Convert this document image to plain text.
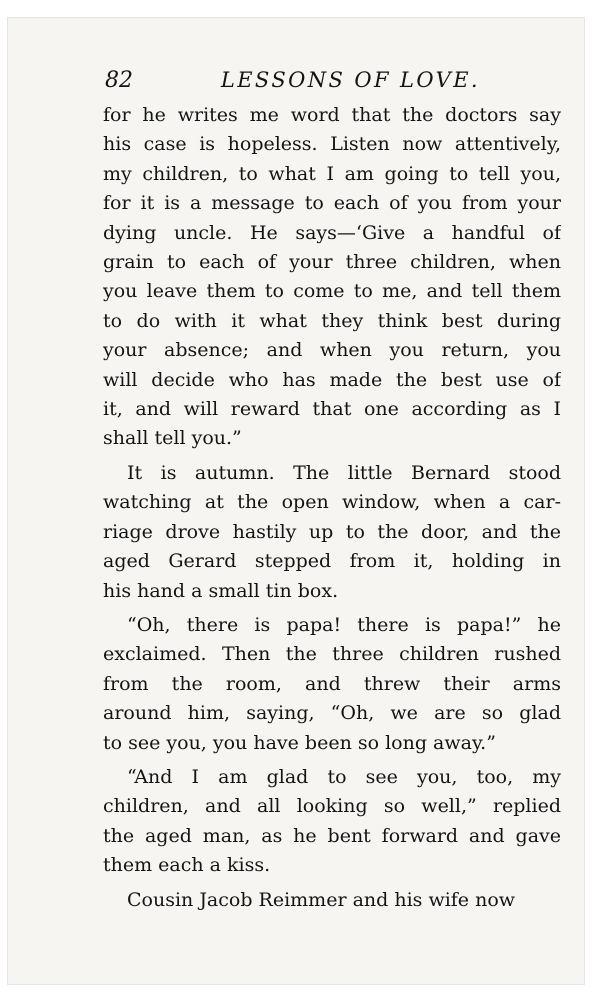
82	LESSONS OF LOVE.
for he writes me word that the doctors say
his case is hopeless. Listen now attentively,
my children, to what I am going to tell you,
for it is a message to each of you from your
dying uncle. He says—‘Give a handful of
grain to each of your three children, when
you leave them to come to me, and tell them
to do with it what they think best during
your absence; and when you return, you
will decide who has made the best use of
it, and will reward that one according as I
shall tell you.”
It is autumn. The little Bernard stood
watching at the open window, when a car-
riage drove hastily up to the door, and the
aged Gerard stepped from it, holding in
his hand a small tin box.
“Oh, there is papa! there is papa!” he
exclaimed. Then the three children rushed
from the room, and threw their arms
around him, saying, “Oh, we are so glad
to see you, you have been so long away.”
“And I am glad to see you, too, my
children, and all looking so well,” replied
the aged man, as he bent forward and gave
them each a kiss.
Cousin Jacob Reimmer and his wife now
